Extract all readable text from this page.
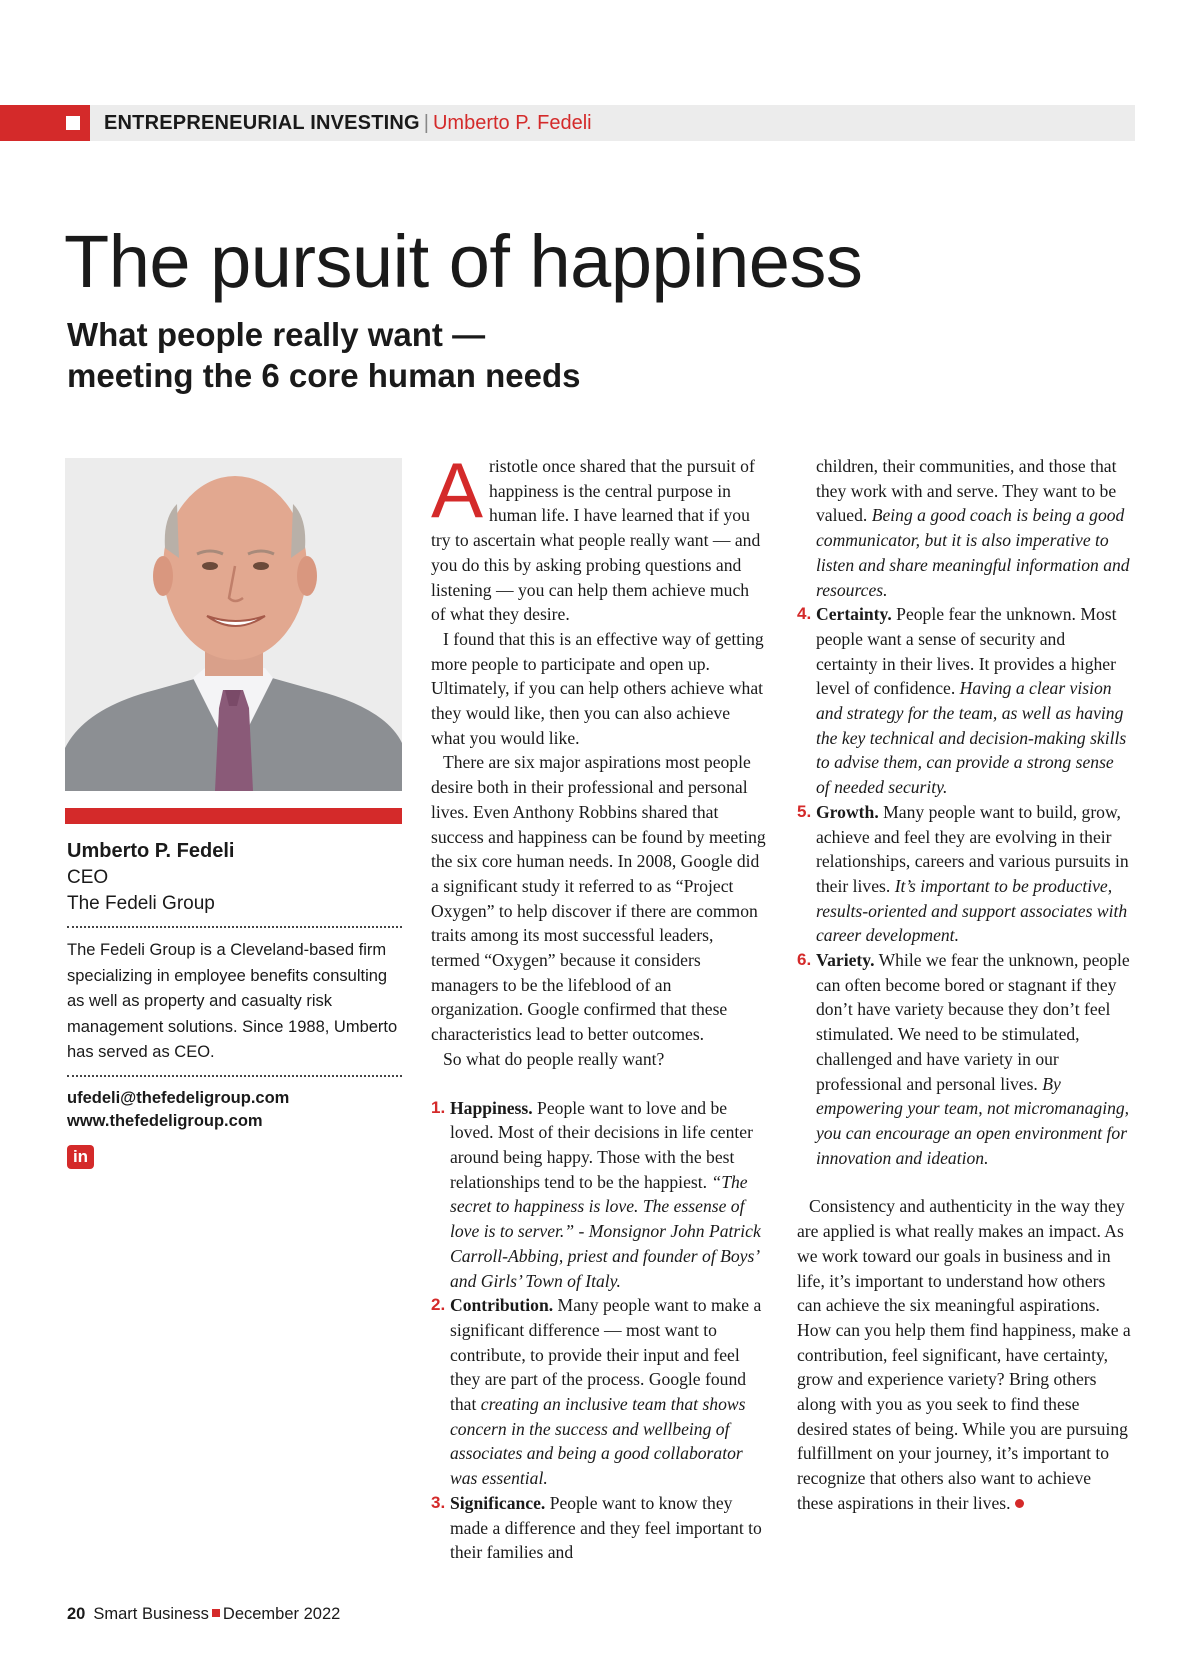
ENTREPRENEURIAL INVESTING | Umberto P. Fedeli
The pursuit of happiness
What people really want —
meeting the 6 core human needs
Umberto P. Fedeli
CEO
The Fedeli Group
The Fedeli Group is a Cleveland-based firm specializing in employee benefits consulting as well as property and casualty risk management solutions. Since 1988, Umberto has served as CEO.
ufedeli@thefedeligroup.com
www.thefedeligroup.com
in

Aristotle once shared that the pursuit of happiness is the central purpose in human life. I have learned that if you try to ascertain what people really want — and you do this by asking probing questions and listening — you can help them achieve much of what they desire.

I found that this is an effective way of getting more people to participate and open up. Ultimately, if you can help others achieve what they would like, then you can also achieve what you would like.

There are six major aspirations most people desire both in their professional and personal lives. Even Anthony Robbins shared that success and happiness can be found by meeting the six core human needs. In 2008, Google did a significant study it referred to as “Project Oxygen” to help discover if there are common traits among its most successful leaders, termed “Oxygen” because it considers managers to be the lifeblood of an organization. Google confirmed that these characteristics lead to better outcomes.

So what do people really want?

1. Happiness. People want to love and be loved. Most of their decisions in life center around being happy. Those with the best relationships tend to be the happiest. “The secret to happiness is love. The essense of love is to server.” - Monsignor John Patrick Carroll-Abbing, priest and founder of Boys’ and Girls’ Town of Italy.
2. Contribution. Many people want to make a significant difference — most want to contribute, to provide their input and feel they are part of the process. Google found that creating an inclusive team that shows concern in the success and wellbeing of associates and being a good collaborator was essential.
3. Significance. People want to know they made a difference and they feel important to their families and
children, their communities, and those that they work with and serve. They want to be valued. Being a good coach is being a good communicator, but it is also imperative to listen and share meaningful information and resources.
4. Certainty. People fear the unknown. Most people want a sense of security and certainty in their lives. It provides a higher level of confidence. Having a clear vision and strategy for the team, as well as having the key technical and decision-making skills to advise them, can provide a strong sense of needed security.
5. Growth. Many people want to build, grow, achieve and feel they are evolving in their relationships, careers and various pursuits in their lives. It’s important to be productive, results-oriented and support associates with career development.
6. Variety. While we fear the unknown, people can often become bored or stagnant if they don’t have variety because they don’t feel stimulated. We need to be stimulated, challenged and have variety in our professional and personal lives. By empowering your team, not micromanaging, you can encourage an open environment for innovation and ideation.

Consistency and authenticity in the way they are applied is what really makes an impact. As we work toward our goals in business and in life, it’s important to understand how others can achieve the six meaningful aspirations. How can you help them find happiness, make a contribution, feel significant, have certainty, grow and experience variety? Bring others along with you as you seek to find these desired states of being. While you are pursuing fulfillment on your journey, it’s important to recognize that others also want to achieve these aspirations in their lives.

20 Smart Business December 2022
